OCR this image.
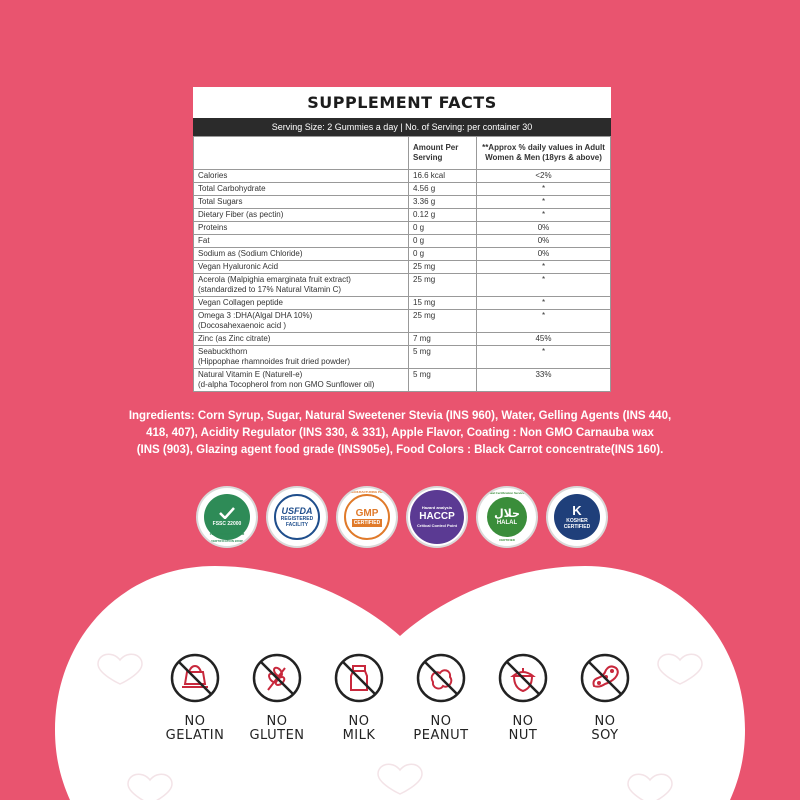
SUPPLEMENT FACTS
Serving Size: 2 Gummies a day | No. of Serving: per container 30
	Amount Per Serving	**Approx % daily values in Adult Women & Men (18yrs & above)
Calories	16.6 kcal	<2%
Total Carbohydrate	4.56 g	*
Total Sugars	3.36 g	*
Dietary Fiber (as pectin)	0.12 g	*
Proteins	0 g	0%
Fat	0 g	0%
Sodium as (Sodium Chloride)	0 g	0%
Vegan Hyaluronic Acid	25 mg	*
Acerola (Malpighia emarginata fruit extract)
(standardized to 17% Natural Vitamin C)	25 mg	*
Vegan Collagen peptide	15 mg	*
Omega 3 :DHA(Algal DHA 10%)
(Docosahexaenoic acid )	25 mg	*
Zinc (as Zinc citrate)	7 mg	45%
Seabuckthorn
(Hippophae rhamnoides fruit dried powder)	5 mg	*
Natural Vitamin E (Naturell-e)
(d-alpha Tocopherol from non GMO Sunflower oil)	5 mg	33%
Ingredients: Corn Syrup, Sugar, Natural Sweetener Stevia (INS 960), Water, Gelling Agents (INS 440,
418, 407), Acidity Regulator (INS 330, & 331), Apple Flavor, Coating : Non GMO Carnauba wax
(INS (903), Glazing agent food grade (INS905e), Food Colors : Black Carrot concentrate(INS 160).
FSSC 22000
FOOD SAFETY SYSTEM CERTIFICATION 22000
USFDA
REGISTERED
FACILITY
GMP
CERTIFIED
GOOD MANUFACTURING PRACTICE
Hazard analysis
HACCP
Critical Control Point
Halal Certification Services
حلال
HALAL
CERTIFIED
K
KOSHER
CERTIFIED
NO
GELATIN
NO
GLUTEN
NO
MILK
NO
PEANUT
NO
NUT
NO
SOY
